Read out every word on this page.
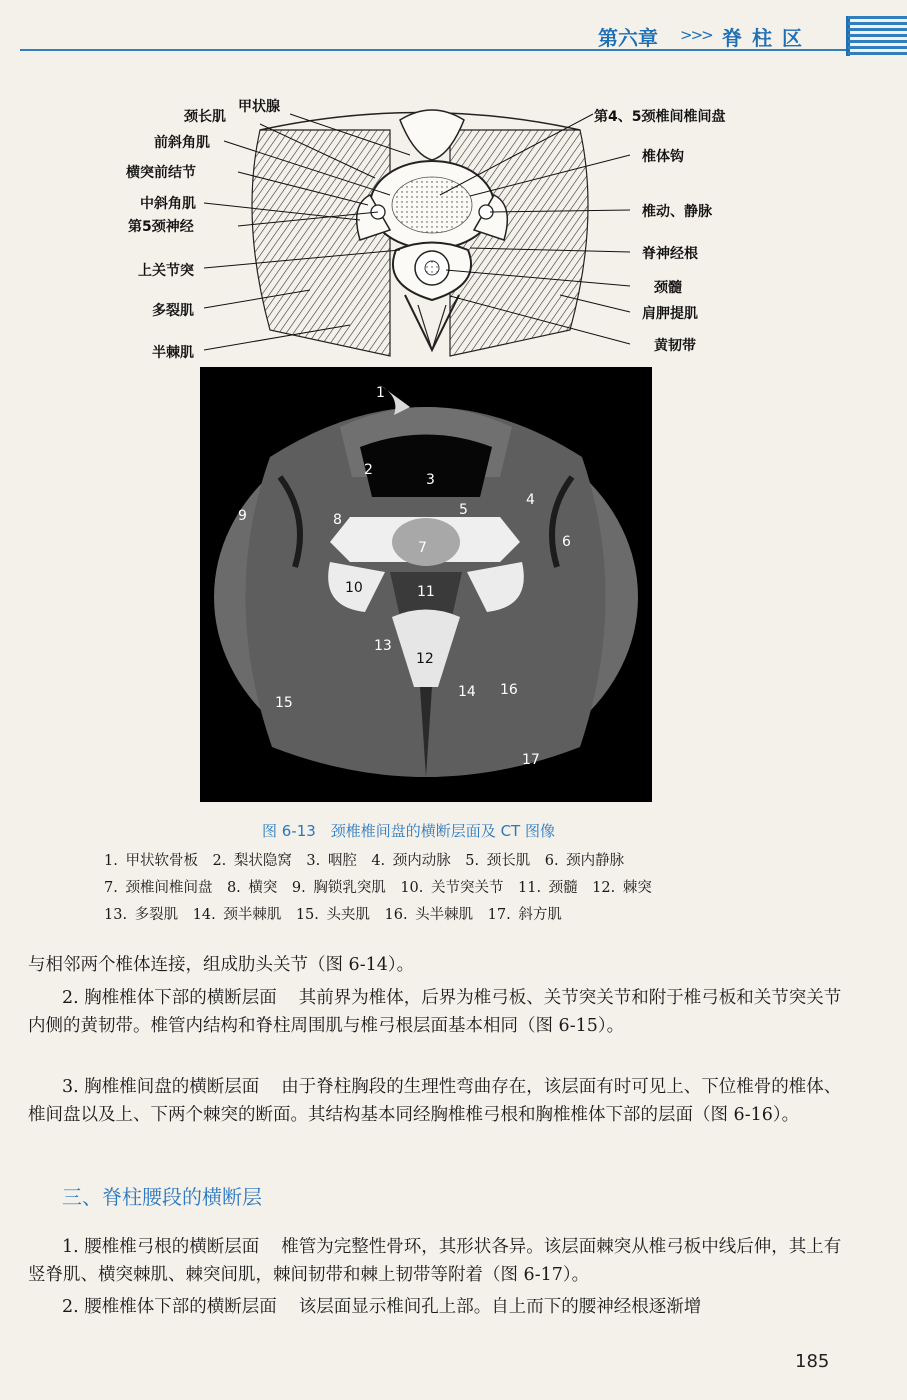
第六章 >>> 脊柱区
颈长肌
甲状腺
前斜角肌
横突前结节
中斜角肌
第5颈神经
上关节突
多裂肌
半棘肌
第4、5颈椎间椎间盘
椎体钩
椎动、静脉
脊神经根
颈髓
肩胛提肌
黄韧带
1
2
3
4
5
6
7
8
9
10	11
12
13
14 16
15
17
图 6-13　颈椎椎间盘的横断层面及 CT 图像
1. 甲状软骨板　2. 梨状隐窝　3. 咽腔　4. 颈内动脉　5. 颈长肌　6. 颈内静脉
7. 颈椎间椎间盘　8. 横突　9. 胸锁乳突肌　10. 关节突关节　11. 颈髓　12. 棘突
13. 多裂肌　14. 颈半棘肌　15. 头夹肌　16. 头半棘肌　17. 斜方肌
与相邻两个椎体连接，组成肋头关节（图 6-14）。
2. 胸椎椎体下部的横断层面 其前界为椎体，后界为椎弓板、关节突关节和附于椎弓板和关节突关节内侧的黄韧带。椎管内结构和脊柱周围肌与椎弓根层面基本相同（图 6-15）。
3. 胸椎椎间盘的横断层面 由于脊柱胸段的生理性弯曲存在，该层面有时可见上、下位椎骨的椎体、椎间盘以及上、下两个棘突的断面。其结构基本同经胸椎椎弓根和胸椎椎体下部的层面（图 6-16）。
三、脊柱腰段的横断层
1. 腰椎椎弓根的横断层面 椎管为完整性骨环，其形状各异。该层面棘突从椎弓板中线后伸，其上有竖脊肌、横突棘肌、棘突间肌，棘间韧带和棘上韧带等附着（图 6-17）。
2. 腰椎椎体下部的横断层面 该层面显示椎间孔上部。自上而下的腰神经根逐渐增
185
